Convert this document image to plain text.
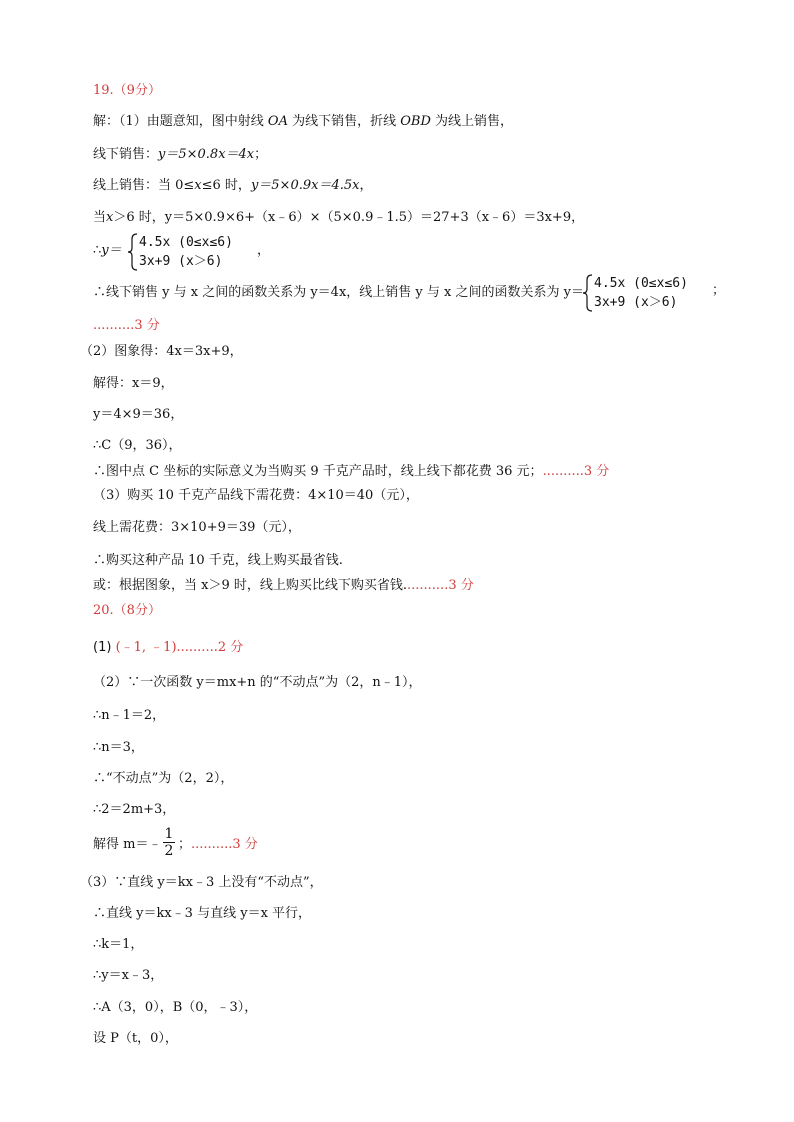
19.（9分）
解：（1）由题意知，图中射线 OA 为线下销售，折线 OBD 为线上销售，
线下销售：y＝5×0.8x＝4x；
线上销售：当 0≤x≤6 时，y＝5×0.9x＝4.5x，
当x＞6 时，y＝5×0.9×6+（x﹣6）×（5×0.9﹣1.5）＝27+3（x﹣6）＝3x+9，
∴y＝
4.5x (0≤x≤6)
3x+9 (x＞6)
，
∴线下销售 y 与 x 之间的函数关系为 y＝4x，线上销售 y 与 x 之间的函数关系为 y＝
4.5x (0≤x≤6)
3x+9 (x＞6)
；
..........3 分
（2）图象得：4x＝3x+9，
解得：x＝9，
y＝4×9＝36，
∴C（9，36），
∴图中点 C 坐标的实际意义为当购买 9 千克产品时，线上线下都花费 36 元；..........3 分
（3）购买 10 千克产品线下需花费：4×10＝40（元），
线上需花费：3×10+9＝39（元），
∴购买这种产品 10 千克，线上购买最省钱.
或：根据图象，当 x＞9 时，线上购买比线下购买省钱...........3 分
20.（8分）
(1) (﹣1, ﹣1)..........2 分
（2）∵一次函数 y＝mx+n 的“不动点”为（2，n﹣1），
∴n﹣1＝2，
∴n＝3，
∴“不动点”为（2，2），
∴2＝2m+3，
解得 m＝﹣
1
2 ；..........3 分
（3）∵直线 y＝kx﹣3 上没有“不动点”，
∴直线 y＝kx﹣3 与直线 y＝x 平行，
∴k＝1，
∴y＝x﹣3，
∴A（3，0），B（0，﹣3），
设 P（t，0），
